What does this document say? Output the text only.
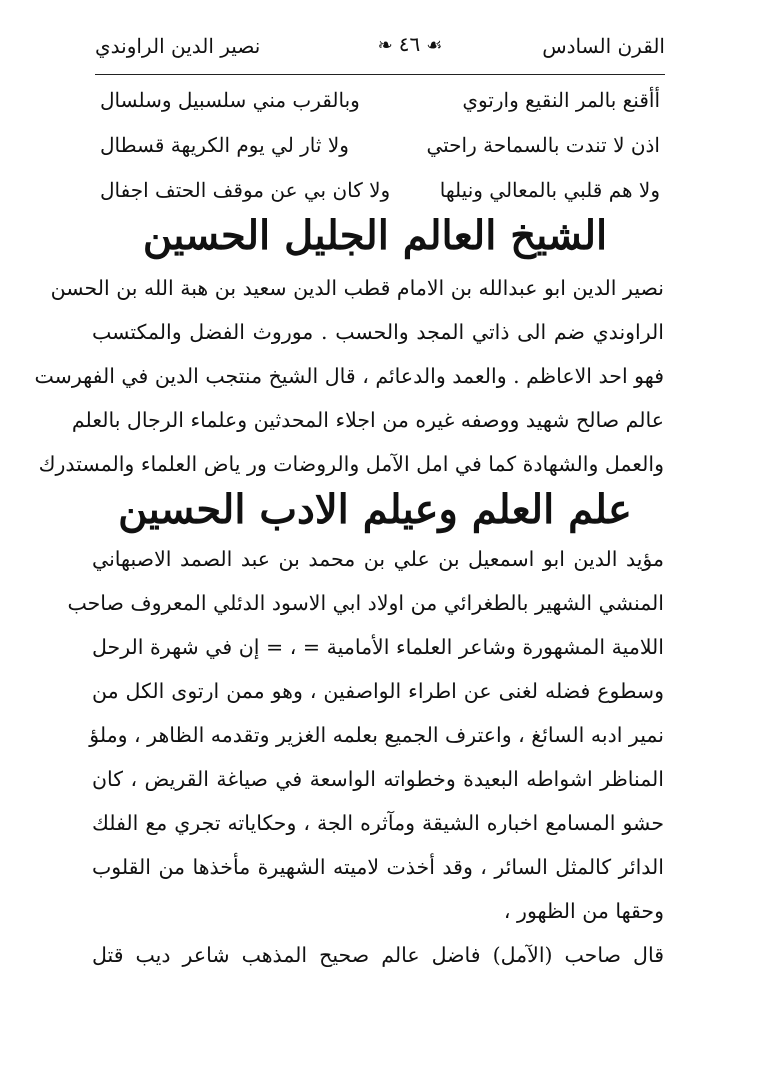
القرن السادس
❧ ٤٦ ☙
نصير الدين الراوندي
أأقنع بالمر النقيع وارتوي
وبالقرب مني سلسبيل وسلسال
اذن لا تندت بالسماحة راحتي
ولا ثار لي يوم الكريهة قسطال
ولا هم قلبي بالمعالي ونيلها
ولا كان بي عن موقف الحتف اجفال
الشيخ العالم الجليل الحسين
نصير الدين ابو عبدالله بن الامام قطب الدين سعيد بن هبة الله بن الحسن
الراوندي ضم الى ذاتي المجد والحسب . موروث الفضل والمكتسب
فهو احد الاعاظم . والعمد والدعائم ، قال الشيخ منتجب الدين في الفهرست
عالم صالح شهيد ووصفه غيره من اجلاء المحدثين وعلماء الرجال بالعلم
والعمل والشهادة كما في امل الآمل والروضات ور ياض العلماء والمستدرك
علم العلم وعيلم الادب الحسين
مؤيد الدين ابو اسمعيل بن علي بن محمد بن عبد الصمد الاصبهاني
المنشي الشهير بالطغرائي من اولاد ابي الاسود الدئلي المعروف صاحب
اللامية المشهورة وشاعر العلماء الأمامية = ، = إن في شهرة الرحل
وسطوع فضله لغنى عن اطراء الواصفين ، وهو ممن ارتوى الكل من
نمير ادبه السائغ ، واعترف الجميع بعلمه الغزير وتقدمه الظاهر ، وملؤ
المناظر اشواطه البعيدة وخطواته الواسعة في صياغة القريض ، كان
حشو المسامع اخباره الشيقة ومآثره الجة ، وحكاياته تجري مع الفلك
الدائر كالمثل السائر ، وقد أخذت لاميته الشهيرة مأخذها من القلوب
وحقها من الظهور ،
قال صاحب (الآمل) فاضل عالم صحيح المذهب شاعر ديب قتل
